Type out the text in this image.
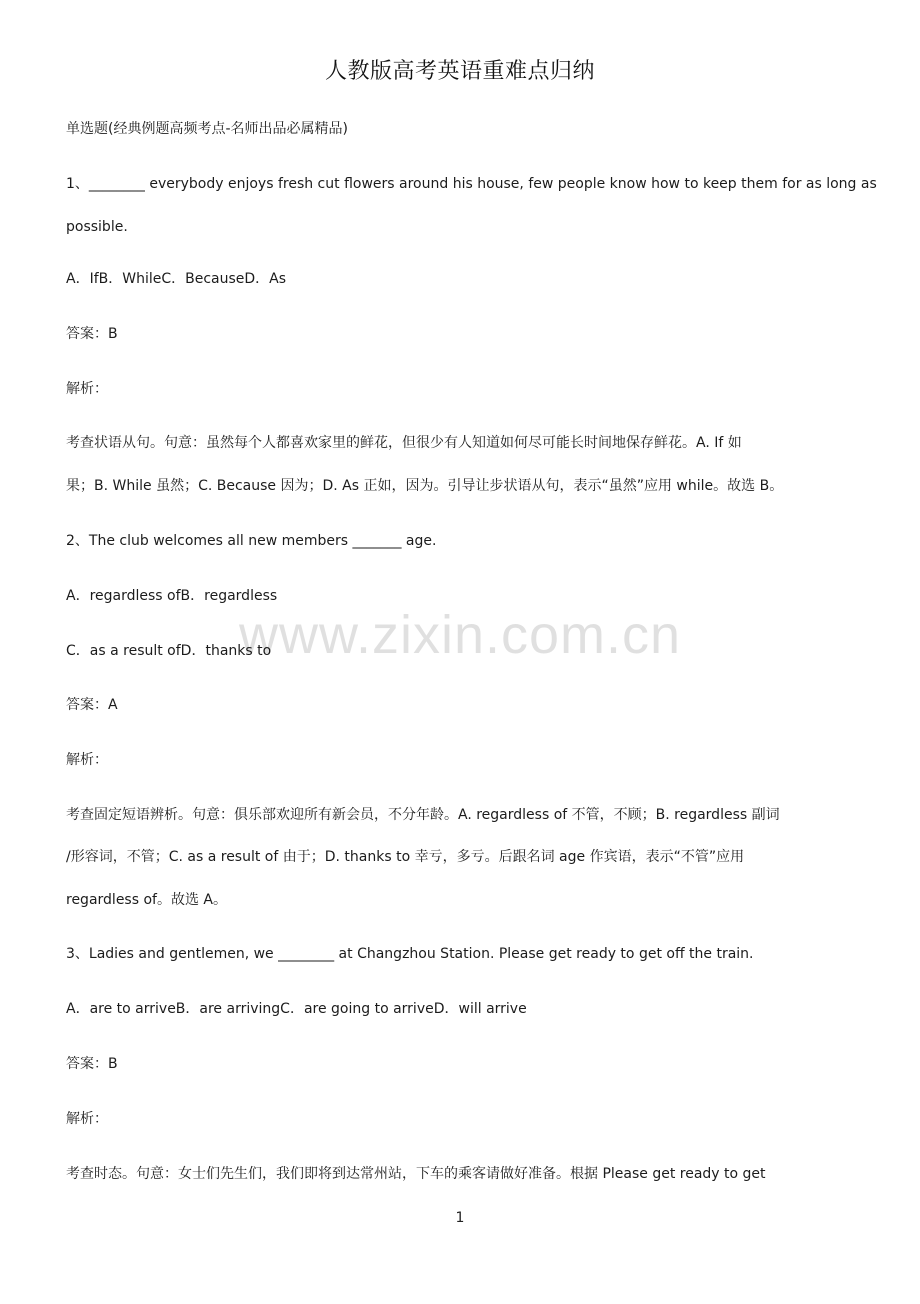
人教版高考英语重难点归纳
单选题(经典例题高频考点-名师出品必属精品)
1、________ everybody enjoys fresh cut flowers around his house, few people know how to keep them for as long as
possible.
A．IfB．WhileC．BecauseD．As
答案：B
解析：
考查状语从句。句意：虽然每个人都喜欢家里的鲜花，但很少有人知道如何尽可能长时间地保存鲜花。A. If 如
果；B. While 虽然；C. Because 因为；D. As 正如，因为。引导让步状语从句，表示“虽然”应用 while。故选 B。
2、The club welcomes all new members _______ age.
A．regardless ofB．regardless
C．as a result ofD．thanks to
答案：A
解析：
考查固定短语辨析。句意：俱乐部欢迎所有新会员，不分年龄。A. regardless of 不管，不顾；B. regardless 副词
/形容词，不管；C. as a result of 由于；D. thanks to 幸亏，多亏。后跟名词 age 作宾语，表示“不管”应用
regardless of。故选 A。
3、Ladies and gentlemen, we ________ at Changzhou Station. Please get ready to get off the train.
A．are to arriveB．are arrivingC．are going to arriveD．will arrive
答案：B
解析：
考查时态。句意：女士们先生们，我们即将到达常州站，下车的乘客请做好准备。根据 Please get ready to get
www.zixin.com.cn
1
